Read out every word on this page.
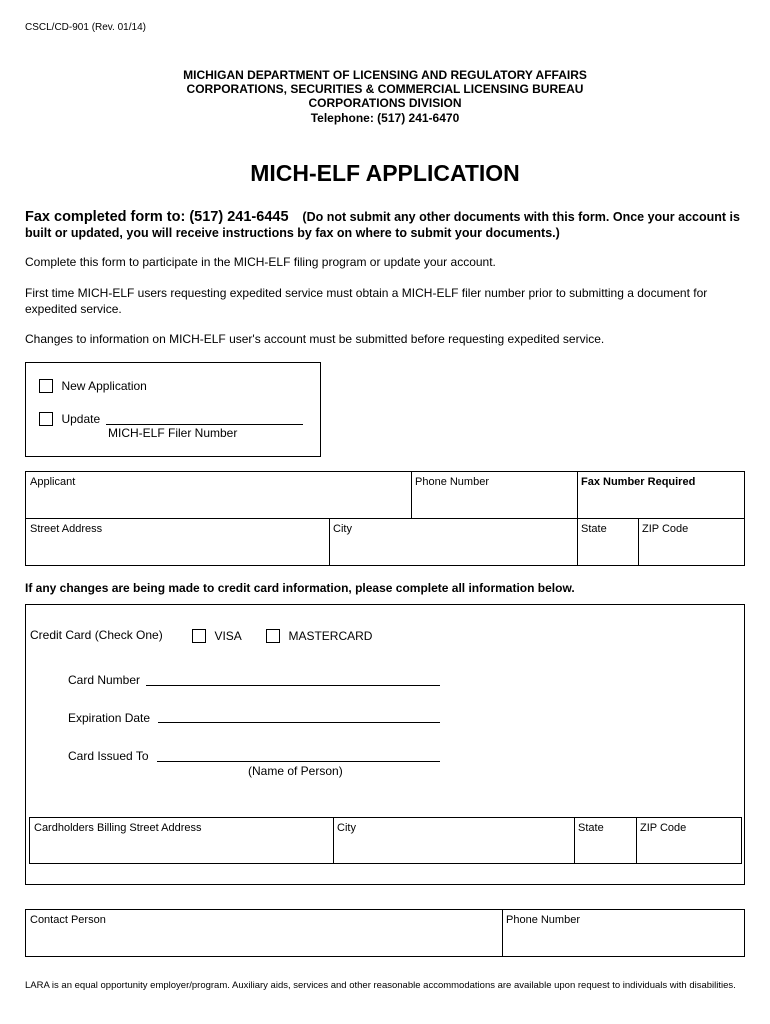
CSCL/CD-901 (Rev. 01/14)
MICHIGAN DEPARTMENT OF LICENSING AND REGULATORY AFFAIRS
CORPORATIONS, SECURITIES & COMMERCIAL LICENSING BUREAU
CORPORATIONS DIVISION
Telephone: (517) 241-6470
MICH-ELF APPLICATION
Fax completed form to: (517) 241-6445 (Do not submit any other documents with this form. Once your account is built or updated, you will receive instructions by fax on where to submit your documents.)
Complete this form to participate in the MICH-ELF filing program or update your account.
First time MICH-ELF users requesting expedited service must obtain a MICH-ELF filer number prior to submitting a document for expedited service.
Changes to information on MICH-ELF user's account must be submitted before requesting expedited service.
New Application
Update
MICH-ELF Filer Number
Applicant	Phone Number	Fax Number Required
Street Address	City	State	ZIP Code
If any changes are being made to credit card information, please complete all information below.
Credit Card (Check One)	VISA	MASTERCARD
Card Number
Expiration Date
Card Issued To
(Name of Person)
Cardholders Billing Street Address	City	State	ZIP Code
Contact Person	Phone Number
LARA is an equal opportunity employer/program. Auxiliary aids, services and other reasonable accommodations are available upon request to individuals with disabilities.
